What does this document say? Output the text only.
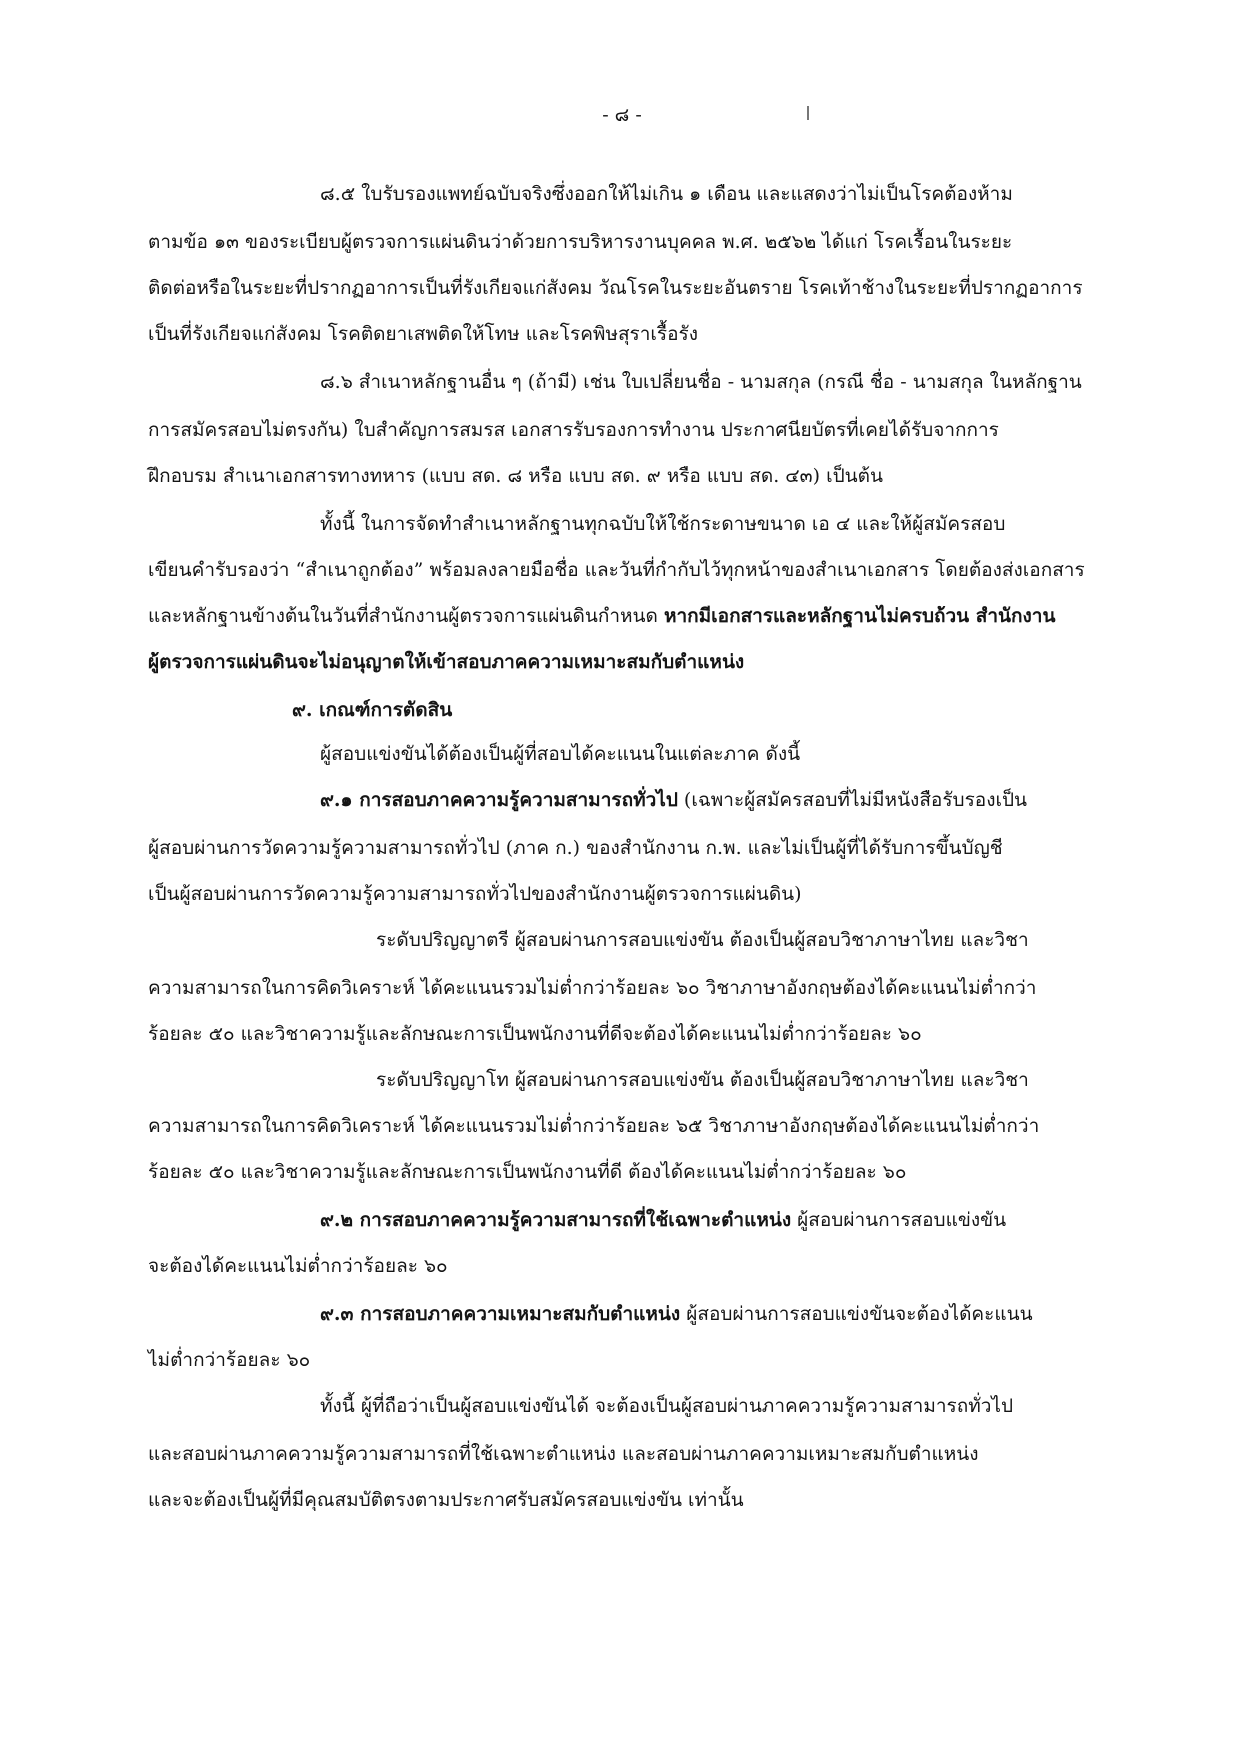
- ๘ -
๘.๕ ใบรับรองแพทย์ฉบับจริงซึ่งออกให้ไม่เกิน ๑ เดือน และแสดงว่าไม่เป็นโรคต้องห้าม
ตามข้อ ๑๓ ของระเบียบผู้ตรวจการแผ่นดินว่าด้วยการบริหารงานบุคคล พ.ศ. ๒๕๖๒ ได้แก่ โรคเรื้อนในระยะ
ติดต่อหรือในระยะที่ปรากฏอาการเป็นที่รังเกียจแก่สังคม วัณโรคในระยะอันตราย โรคเท้าช้างในระยะที่ปรากฏอาการ
เป็นที่รังเกียจแก่สังคม โรคติดยาเสพติดให้โทษ และโรคพิษสุราเรื้อรัง
๘.๖ สำเนาหลักฐานอื่น ๆ (ถ้ามี) เช่น ใบเปลี่ยนชื่อ - นามสกุล (กรณี ชื่อ - นามสกุล ในหลักฐาน
การสมัครสอบไม่ตรงกัน) ใบสำคัญการสมรส เอกสารรับรองการทำงาน ประกาศนียบัตรที่เคยได้รับจากการ
ฝึกอบรม สำเนาเอกสารทางทหาร (แบบ สด. ๘ หรือ แบบ สด. ๙ หรือ แบบ สด. ๔๓) เป็นต้น
ทั้งนี้ ในการจัดทำสำเนาหลักฐานทุกฉบับให้ใช้กระดาษขนาด เอ ๔ และให้ผู้สมัครสอบ
เขียนคำรับรองว่า “สำเนาถูกต้อง” พร้อมลงลายมือชื่อ และวันที่กำกับไว้ทุกหน้าของสำเนาเอกสาร โดยต้องส่งเอกสาร
และหลักฐานข้างต้นในวันที่สำนักงานผู้ตรวจการแผ่นดินกำหนด หากมีเอกสารและหลักฐานไม่ครบถ้วน สำนักงาน
ผู้ตรวจการแผ่นดินจะไม่อนุญาตให้เข้าสอบภาคความเหมาะสมกับตำแหน่ง
๙. เกณฑ์การตัดสิน
ผู้สอบแข่งขันได้ต้องเป็นผู้ที่สอบได้คะแนนในแต่ละภาค ดังนี้
๙.๑ การสอบภาคความรู้ความสามารถทั่วไป (เฉพาะผู้สมัครสอบที่ไม่มีหนังสือรับรองเป็น
ผู้สอบผ่านการวัดความรู้ความสามารถทั่วไป (ภาค ก.) ของสำนักงาน ก.พ. และไม่เป็นผู้ที่ได้รับการขึ้นบัญชี
เป็นผู้สอบผ่านการวัดความรู้ความสามารถทั่วไปของสำนักงานผู้ตรวจการแผ่นดิน)
ระดับปริญญาตรี ผู้สอบผ่านการสอบแข่งขัน ต้องเป็นผู้สอบวิชาภาษาไทย และวิชา
ความสามารถในการคิดวิเคราะห์ ได้คะแนนรวมไม่ต่ำกว่าร้อยละ ๖๐ วิชาภาษาอังกฤษต้องได้คะแนนไม่ต่ำกว่า
ร้อยละ ๕๐ และวิชาความรู้และลักษณะการเป็นพนักงานที่ดีจะต้องได้คะแนนไม่ต่ำกว่าร้อยละ ๖๐
ระดับปริญญาโท ผู้สอบผ่านการสอบแข่งขัน ต้องเป็นผู้สอบวิชาภาษาไทย และวิชา
ความสามารถในการคิดวิเคราะห์ ได้คะแนนรวมไม่ต่ำกว่าร้อยละ ๖๕ วิชาภาษาอังกฤษต้องได้คะแนนไม่ต่ำกว่า
ร้อยละ ๕๐ และวิชาความรู้และลักษณะการเป็นพนักงานที่ดี ต้องได้คะแนนไม่ต่ำกว่าร้อยละ ๖๐
๙.๒ การสอบภาคความรู้ความสามารถที่ใช้เฉพาะตำแหน่ง ผู้สอบผ่านการสอบแข่งขัน
จะต้องได้คะแนนไม่ต่ำกว่าร้อยละ ๖๐
๙.๓ การสอบภาคความเหมาะสมกับตำแหน่ง ผู้สอบผ่านการสอบแข่งขันจะต้องได้คะแนน
ไม่ต่ำกว่าร้อยละ ๖๐
ทั้งนี้ ผู้ที่ถือว่าเป็นผู้สอบแข่งขันได้ จะต้องเป็นผู้สอบผ่านภาคความรู้ความสามารถทั่วไป
และสอบผ่านภาคความรู้ความสามารถที่ใช้เฉพาะตำแหน่ง และสอบผ่านภาคความเหมาะสมกับตำแหน่ง
และจะต้องเป็นผู้ที่มีคุณสมบัติตรงตามประกาศรับสมัครสอบแข่งขัน เท่านั้น
